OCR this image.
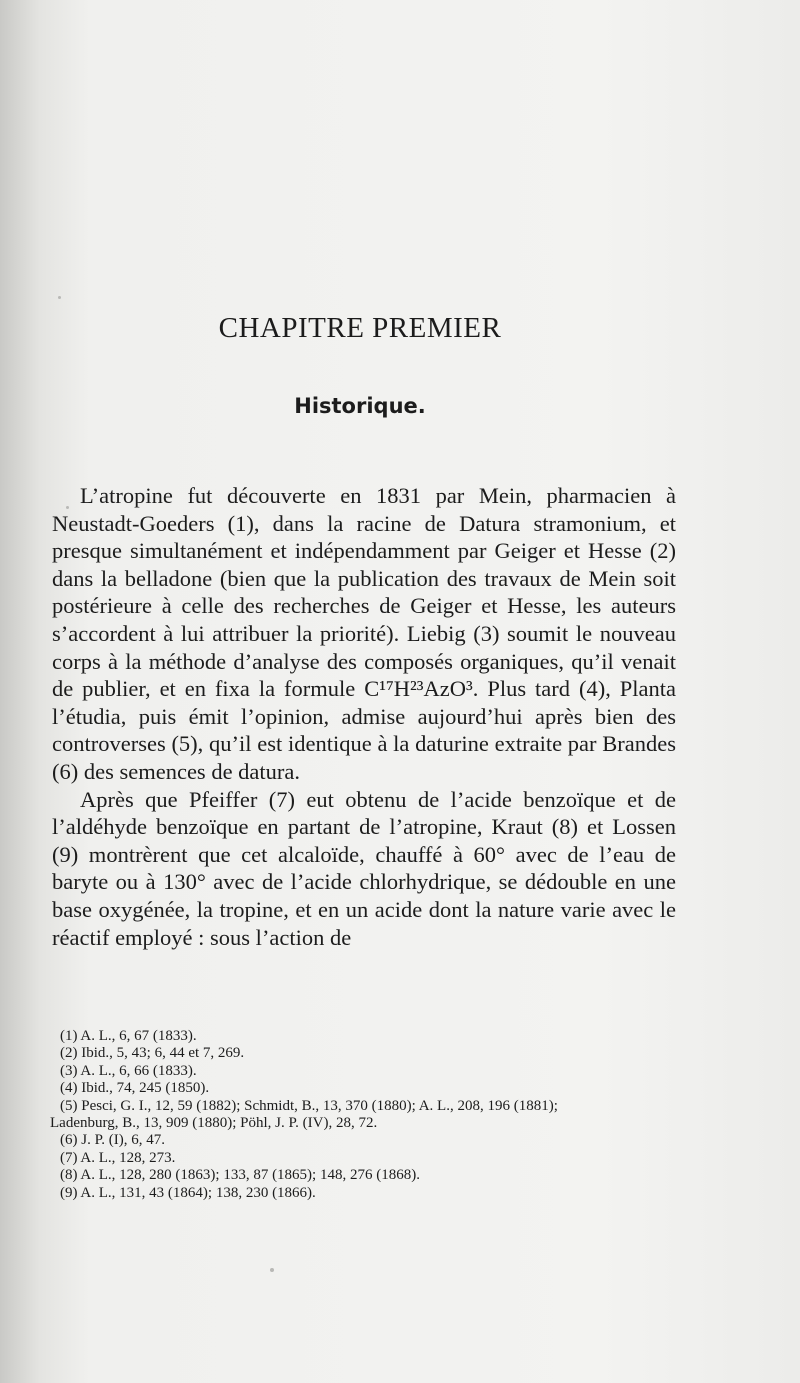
CHAPITRE PREMIER
Historique.

L’atropine fut découverte en 1831 par Mein, pharmacien à Neustadt-Goeders (1), dans la racine de Datura stramonium, et presque simultanément et indépendamment par Geiger et Hesse (2) dans la belladone (bien que la publication des travaux de Mein soit postérieure à celle des recherches de Geiger et Hesse, les auteurs s’accordent à lui attribuer la priorité). Liebig (3) soumit le nouveau corps à la méthode d’analyse des composés organiques, qu’il venait de publier, et en fixa la formule C¹⁷H²³AzO³. Plus tard (4), Planta l’étudia, puis émit l’opinion, admise aujourd’hui après bien des controverses (5), qu’il est identique à la daturine extraite par Brandes (6) des semences de datura.

Après que Pfeiffer (7) eut obtenu de l’acide benzoïque et de l’aldéhyde benzoïque en partant de l’atropine, Kraut (8) et Lossen (9) montrèrent que cet alcaloïde, chauffé à 60° avec de l’eau de baryte ou à 130° avec de l’acide chlorhydrique, se dédouble en une base oxygénée, la tropine, et en un acide dont la nature varie avec le réactif employé : sous l’action de

(1) A. L., 6, 67 (1833).
(2) Ibid., 5, 43; 6, 44 et 7, 269.
(3) A. L., 6, 66 (1833).
(4) Ibid., 74, 245 (1850).
(5) Pesci, G. I., 12, 59 (1882); Schmidt, B., 13, 370 (1880); A. L., 208, 196 (1881);
Ladenburg, B., 13, 909 (1880); Pöhl, J. P. (IV), 28, 72.
(6) J. P. (I), 6, 47.
(7) A. L., 128, 273.
(8) A. L., 128, 280 (1863); 133, 87 (1865); 148, 276 (1868).
(9) A. L., 131, 43 (1864); 138, 230 (1866).
